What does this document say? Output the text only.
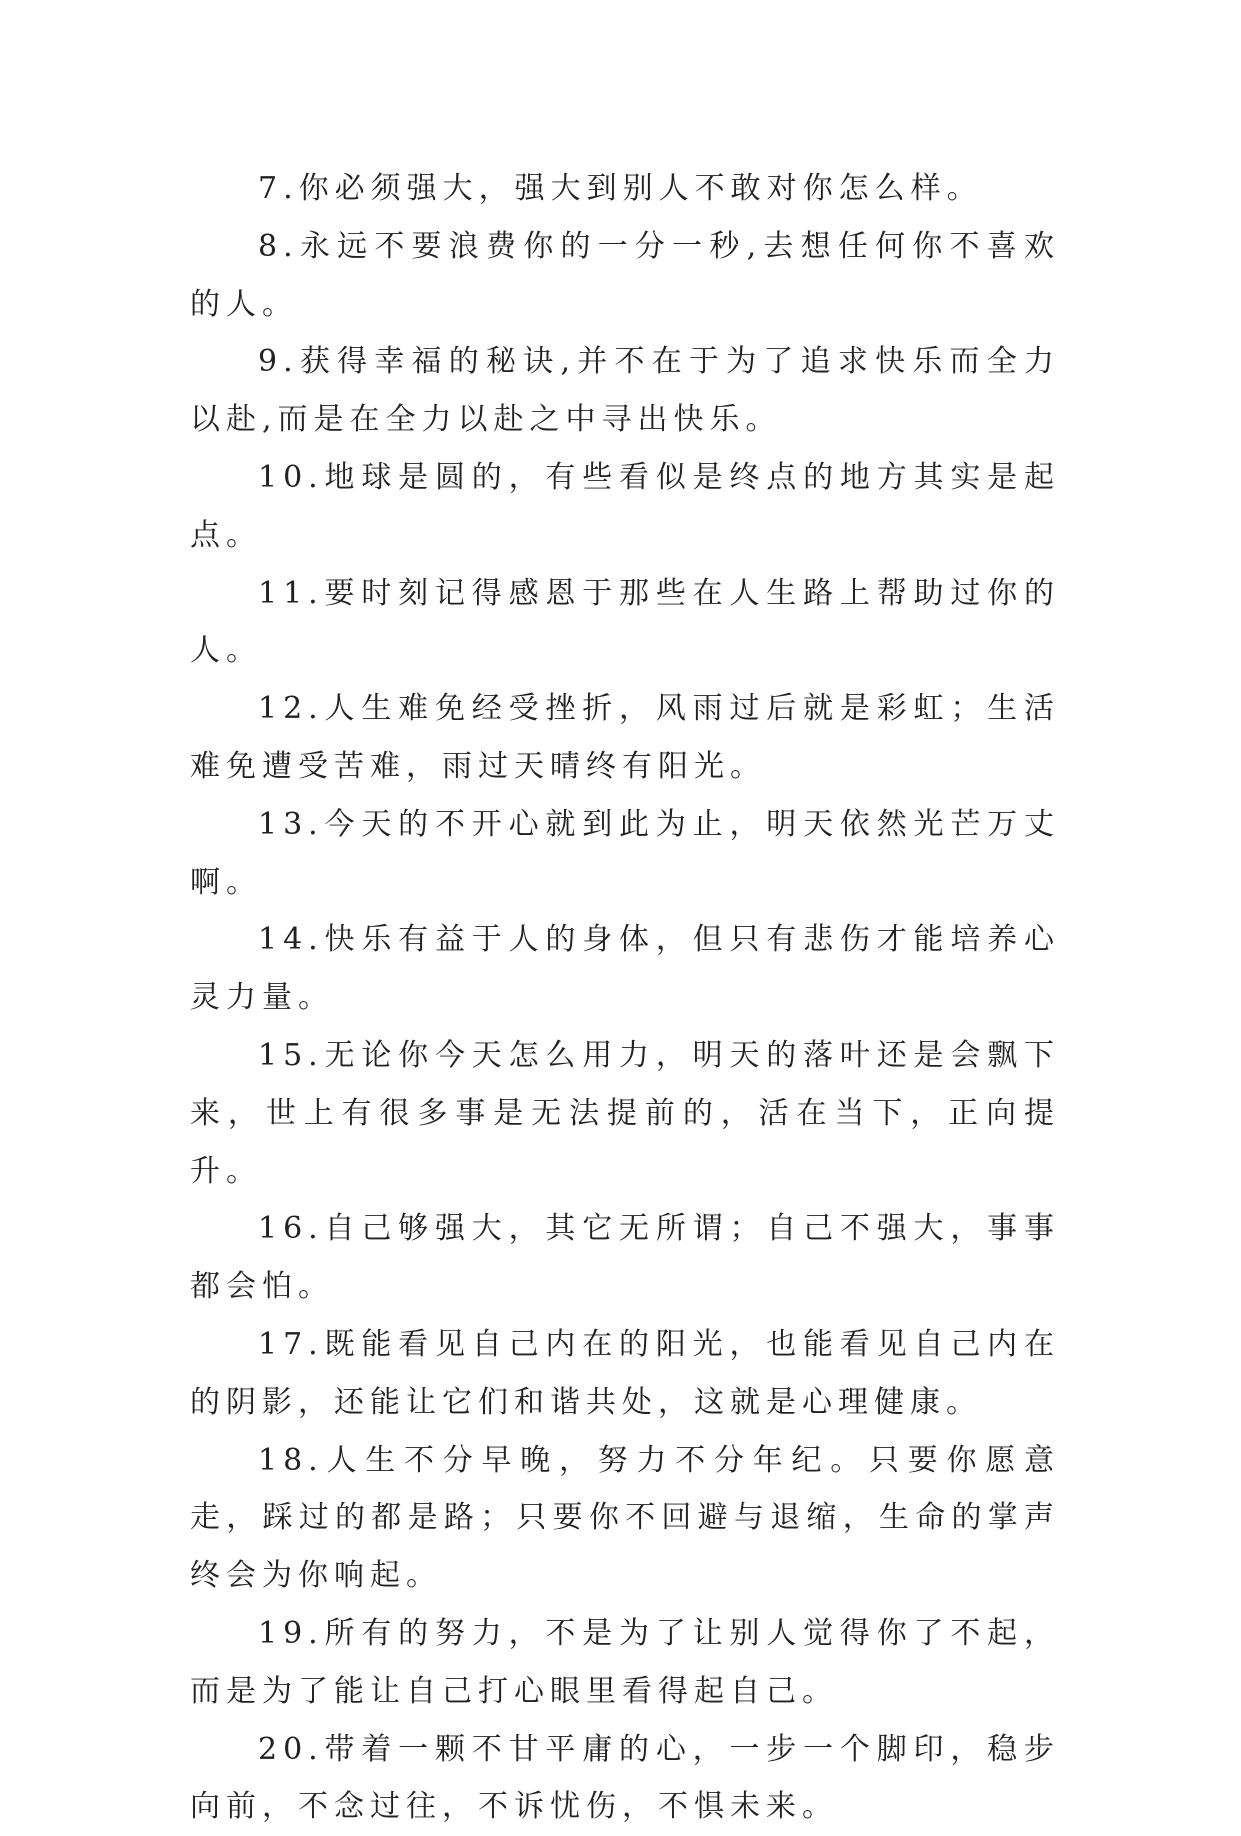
7.你必须强大，强大到别人不敢对你怎么样。

8.永远不要浪费你的一分一秒,去想任何你不喜欢的人。

9.获得幸福的秘诀,并不在于为了追求快乐而全力以赴,而是在全力以赴之中寻出快乐。

10.地球是圆的，有些看似是终点的地方其实是起点。

11.要时刻记得感恩于那些在人生路上帮助过你的人。

12.人生难免经受挫折，风雨过后就是彩虹；生活难免遭受苦难，雨过天晴终有阳光。

13.今天的不开心就到此为止，明天依然光芒万丈啊。

14.快乐有益于人的身体，但只有悲伤才能培养心灵力量。

15.无论你今天怎么用力，明天的落叶还是会飘下来，世上有很多事是无法提前的，活在当下，正向提升。

16.自己够强大，其它无所谓；自己不强大，事事都会怕。

17.既能看见自己内在的阳光，也能看见自己内在的阴影，还能让它们和谐共处，这就是心理健康。

18.人生不分早晚，努力不分年纪。只要你愿意走，踩过的都是路；只要你不回避与退缩，生命的掌声终会为你响起。

19.所有的努力，不是为了让别人觉得你了不起，而是为了能让自己打心眼里看得起自己。

20.带着一颗不甘平庸的心，一步一个脚印，稳步向前，不念过往，不诉忧伤，不惧未来。
